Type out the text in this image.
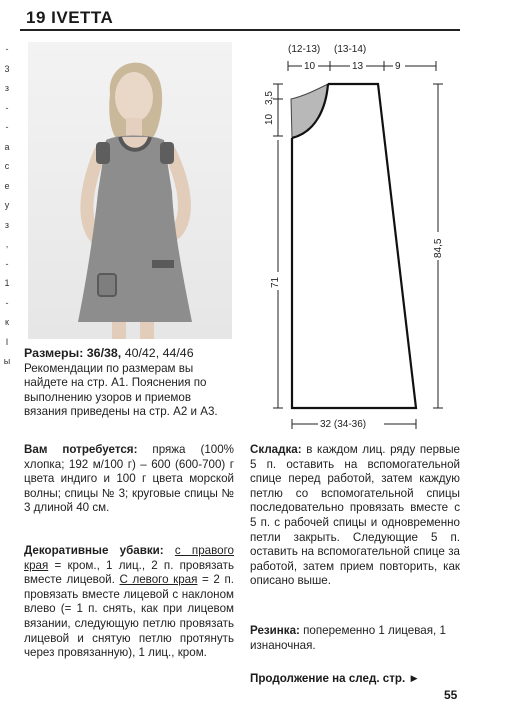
19 IVETTA
-
3
з
-
-
а
с
е
у
з
,
-
1
-
к
I
ы
(12-13) (13-14)
10	13	9
3,5
10
71
84,5
32 (34-36)
Размеры: 36/38, 40/42, 44/46
Рекомендации по размерам вы найдете на стр. А1. Пояснения по выполнению узоров и приемов вязания приведены на стр. А2 и А3.
Вам потребуется: пряжа (100% хлопка; 192 м/100 г) – 600 (600-700) г цвета индиго и 100 г цвета морской волны; спицы № 3; круговые спицы № 3 длиной 40 см.
Декоративные убавки: с правого края = кром., 1 лиц., 2 п. провязать вместе лицевой. С левого края = 2 п. провязать вместе лицевой с наклоном влево (= 1 п. снять, как при лицевом вязании, следующую петлю провязать лицевой и снятую петлю протянуть через провязанную), 1 лиц., кром.
Складка: в каждом лиц. ряду первые 5 п. оставить на вспомогательной спице перед работой, затем каждую петлю со вспомогательной спицы последовательно провязать вместе с 5 п. с рабочей спицы и одновременно петли закрыть. Следующие 5 п. оставить на вспомогательной спице за работой, затем прием повторить, как описано выше.
Резинка: попеременно 1 лицевая, 1 изнаночная.
Продолжение на след. стр. ►
55
